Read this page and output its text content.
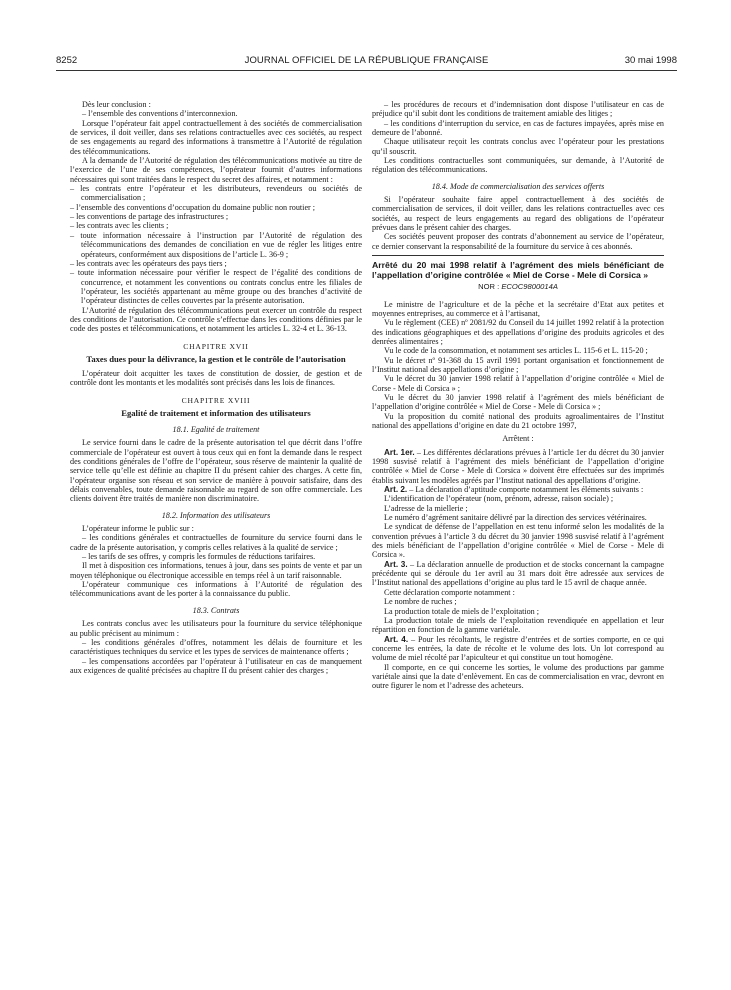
8252	JOURNAL OFFICIEL DE LA RÉPUBLIQUE FRANÇAISE	30 mai 1998

Dès leur conclusion :

– l’ensemble des conventions d’interconnexion.

Lorsque l’opérateur fait appel contractuellement à des sociétés de commercialisation de services, il doit veiller, dans ses relations contractuelles avec ces sociétés, au respect de ses engagements au regard des informations à transmettre à l’Autorité de régulation des télécommunications.

A la demande de l’Autorité de régulation des télécommunications motivée au titre de l’exercice de l’une de ses compétences, l’opérateur fournit d’autres informations nécessaires qui sont traitées dans le respect du secret des affaires, et notamment :

– les contrats entre l’opérateur et les distributeurs, revendeurs ou sociétés de commercialisation ;

– l’ensemble des conventions d’occupation du domaine public non routier ;

– les conventions de partage des infrastructures ;

– les contrats avec les clients ;

– toute information nécessaire à l’instruction par l’Autorité de régulation des télécommunications des demandes de conciliation en vue de régler les litiges entre opérateurs, conformément aux dispositions de l’article L. 36-9 ;

– les contrats avec les opérateurs des pays tiers ;

– toute information nécessaire pour vérifier le respect de l’égalité des conditions de concurrence, et notamment les conventions ou contrats conclus entre les filiales de l’opérateur, les sociétés appartenant au même groupe ou des branches d’activité de l’opérateur distinctes de celles couvertes par la présente autorisation.

L’Autorité de régulation des télécommunications peut exercer un contrôle du respect des conditions de l’autorisation. Ce contrôle s’effectue dans les conditions définies par le code des postes et télécommunications, et notamment les articles L. 32-4 et L. 36-13.

CHAPITRE XVII
Taxes dues pour la délivrance, la gestion et le contrôle de l’autorisation

L’opérateur doit acquitter les taxes de constitution de dossier, de gestion et de contrôle dont les montants et les modalités sont précisés dans les lois de finances.

CHAPITRE XVIII
Egalité de traitement et information des utilisateurs
18.1. Egalité de traitement

Le service fourni dans le cadre de la présente autorisation tel que décrit dans l’offre commerciale de l’opérateur est ouvert à tous ceux qui en font la demande dans le respect des conditions générales de l’offre de l’opérateur, sous réserve de maintenir la qualité de service telle qu’elle est définie au chapitre II du présent cahier des charges. A cette fin, l’opérateur organise son réseau et son service de manière à pouvoir satisfaire, dans des délais convenables, toute demande raisonnable au regard de son offre commerciale. Les clients doivent être traités de manière non discriminatoire.

18.2. Information des utilisateurs

L’opérateur informe le public sur :

– les conditions générales et contractuelles de fourniture du service fourni dans le cadre de la présente autorisation, y compris celles relatives à la qualité de service ;

– les tarifs de ses offres, y compris les formules de réductions tarifaires.

Il met à disposition ces informations, tenues à jour, dans ses points de vente et par un moyen téléphonique ou électronique accessible en temps réel à un tarif raisonnable.

L’opérateur communique ces informations à l’Autorité de régulation des télécommunications avant de les porter à la connaissance du public.

18.3. Contrats

Les contrats conclus avec les utilisateurs pour la fourniture du service téléphonique au public précisent au minimum :

– les conditions générales d’offres, notamment les délais de fourniture et les caractéristiques techniques du service et les types de services de maintenance offerts ;

– les compensations accordées par l’opérateur à l’utilisateur en cas de manquement aux exigences de qualité précisées au chapitre II du présent cahier des charges ;

– les procédures de recours et d’indemnisation dont dispose l’utilisateur en cas de préjudice qu’il subit dont les conditions de traitement amiable des litiges ;

– les conditions d’interruption du service, en cas de factures impayées, après mise en demeure de l’abonné.

Chaque utilisateur reçoit les contrats conclus avec l’opérateur pour les prestations qu’il souscrit.

Les conditions contractuelles sont communiquées, sur demande, à l’Autorité de régulation des télécommunications.

18.4. Mode de commercialisation des services offerts

Si l’opérateur souhaite faire appel contractuellement à des sociétés de commercialisation de services, il doit veiller, dans les relations contractuelles avec ces sociétés, au respect de leurs engagements au regard des obligations de l’opérateur prévues dans le présent cahier des charges.

Ces sociétés peuvent proposer des contrats d’abonnement au service de l’opérateur, ce dernier conservant la responsabilité de la fourniture du service à ces abonnés.

Arrêté du 20 mai 1998 relatif à l’agrément des miels bénéficiant de l’appellation d’origine contrôlée « Miel de Corse - Mele di Corsica »

NOR : ECOC9800014A

Le ministre de l’agriculture et de la pêche et la secrétaire d’Etat aux petites et moyennes entreprises, au commerce et à l’artisanat,

Vu le règlement (CEE) nº 2081/92 du Conseil du 14 juillet 1992 relatif à la protection des indications géographiques et des appellations d’origine des produits agricoles et des denrées alimentaires ;

Vu le code de la consommation, et notamment ses articles L. 115-6 et L. 115-20 ;

Vu le décret nº 91-368 du 15 avril 1991 portant organisation et fonctionnement de l’Institut national des appellations d’origine ;

Vu le décret du 30 janvier 1998 relatif à l’appellation d’origine contrôlée « Miel de Corse - Mele di Corsica » ;

Vu le décret du 30 janvier 1998 relatif à l’agrément des miels bénéficiant de l’appellation d’origine contrôlée « Miel de Corse - Mele di Corsica » ;

Vu la proposition du comité national des produits agroalimentaires de l’Institut national des appellations d’origine en date du 21 octobre 1997,

Arrêtent :

Art. 1er. – Les différentes déclarations prévues à l’article 1er du décret du 30 janvier 1998 susvisé relatif à l’agrément des miels bénéficiant de l’appellation d’origine contrôlée « Miel de Corse - Mele di Corsica » doivent être effectuées sur des imprimés établis suivant les modèles agréés par l’Institut national des appellations d’origine.

Art. 2. – La déclaration d’aptitude comporte notamment les éléments suivants :

L’identification de l’opérateur (nom, prénom, adresse, raison sociale) ;

L’adresse de la miellerie ;

Le numéro d’agrément sanitaire délivré par la direction des services vétérinaires.

Le syndicat de défense de l’appellation en est tenu informé selon les modalités de la convention prévues à l’article 3 du décret du 30 janvier 1998 susvisé relatif à l’agrément des miels bénéficiant de l’appellation d’origine contrôlée « Miel de Corse - Mele di Corsica ».

Art. 3. – La déclaration annuelle de production et de stocks concernant la campagne précédente qui se déroule du 1er avril au 31 mars doit être adressée aux services de l’Institut national des appellations d’origine au plus tard le 15 avril de chaque année.

Cette déclaration comporte notamment :

Le nombre de ruches ;

La production totale de miels de l’exploitation ;

La production totale de miels de l’exploitation revendiquée en appellation et leur répartition en fonction de la gamme variétale.

Art. 4. – Pour les récoltants, le registre d’entrées et de sorties comporte, en ce qui concerne les entrées, la date de récolte et le volume des lots. Un lot correspond au volume de miel récolté par l’apiculteur et qui constitue un tout homogène.

Il comporte, en ce qui concerne les sorties, le volume des productions par gamme variétale ainsi que la date d’enlèvement. En cas de commercialisation en vrac, devront en outre figurer le nom et l’adresse des acheteurs.
